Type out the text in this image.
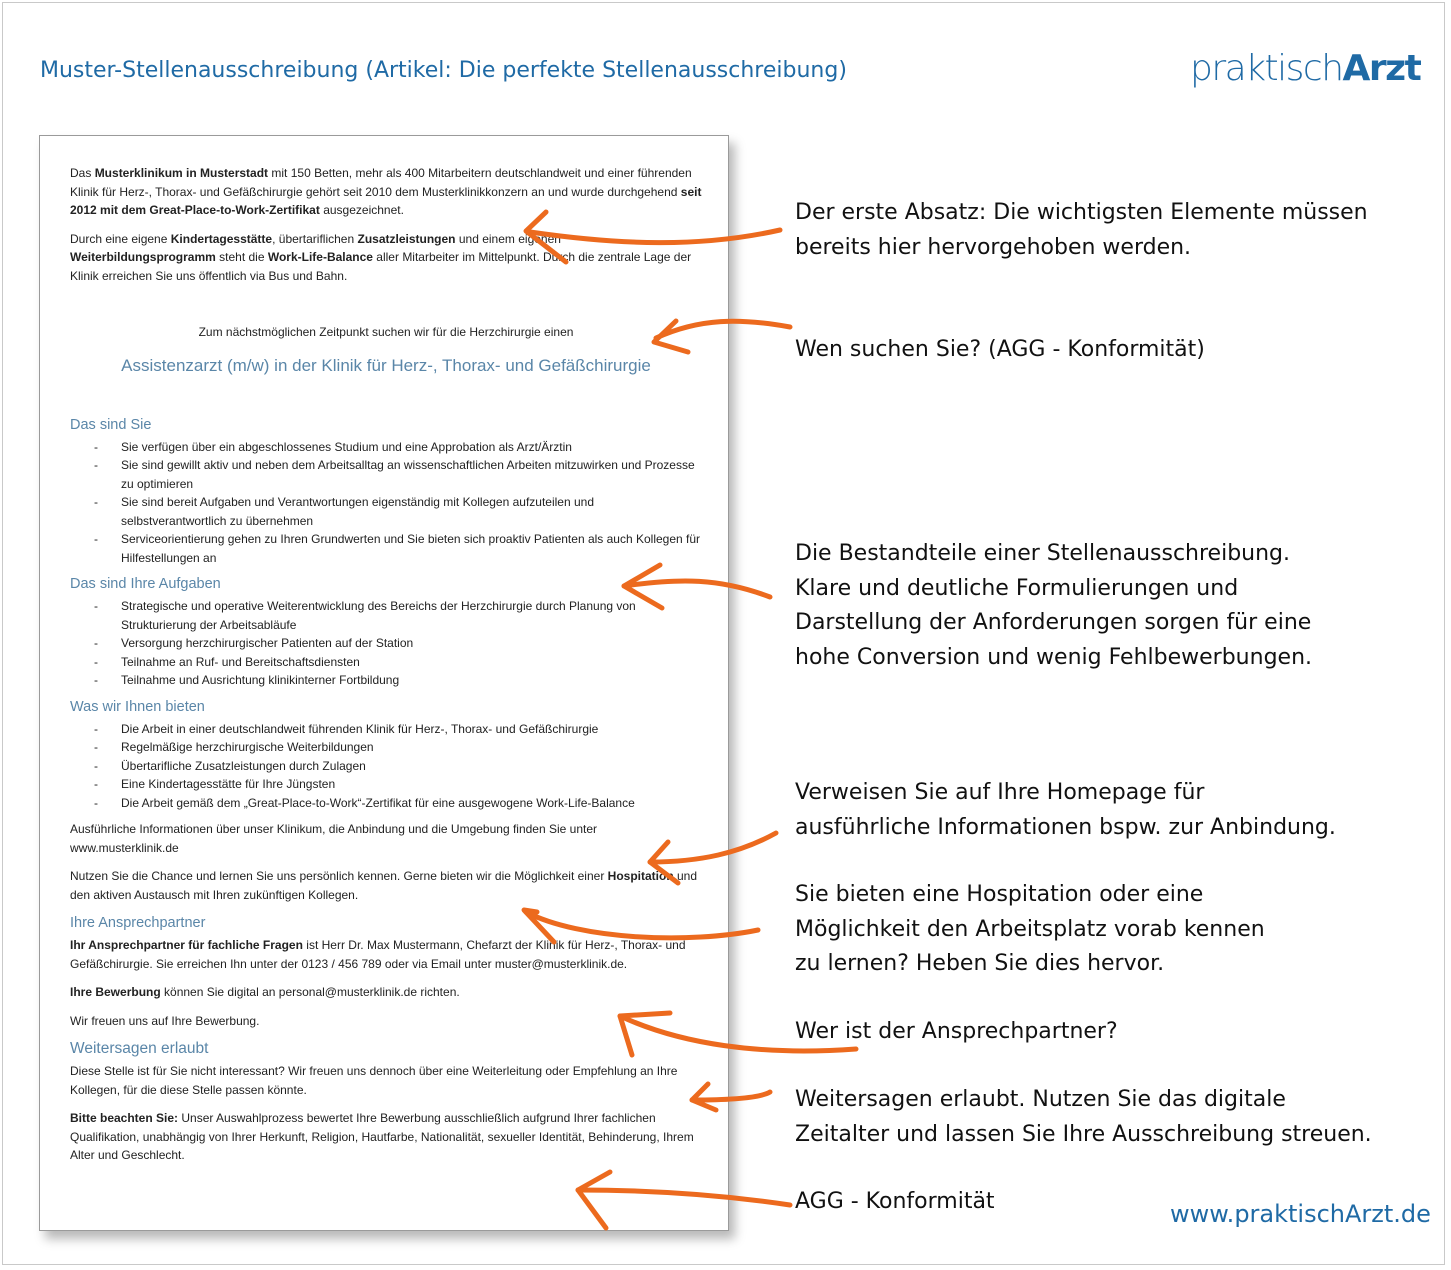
Muster-Stellenausschreibung (Artikel: Die perfekte Stellenausschreibung)	praktischArzt

Das Musterklinikum in Musterstadt mit 150 Betten, mehr als 400 Mitarbeitern deutschlandweit und einer führenden Klinik für Herz-, Thorax- und Gefäßchirurgie gehört seit 2010 dem Musterklinikkonzern an und wurde durchgehend seit 2012 mit dem Great-Place-to-Work-Zertifikat ausgezeichnet.

Durch eine eigene Kindertagesstätte, übertariflichen Zusatzleistungen und einem eigenen Weiterbildungsprogramm steht die Work-Life-Balance aller Mitarbeiter im Mittelpunkt. Durch die zentrale Lage der Klinik erreichen Sie uns öffentlich via Bus und Bahn.

Zum nächstmöglichen Zeitpunkt suchen wir für die Herzchirurgie einen

Assistenzarzt (m/w) in der Klinik für Herz-, Thorax- und Gefäßchirurgie

Das sind Sie
- Sie verfügen über ein abgeschlossenes Studium und eine Approbation als Arzt/Ärztin
- Sie sind gewillt aktiv und neben dem Arbeitsalltag an wissenschaftlichen Arbeiten mitzuwirken und Prozesse zu optimieren
- Sie sind bereit Aufgaben und Verantwortungen eigenständig mit Kollegen aufzuteilen und selbstverantwortlich zu übernehmen
- Serviceorientierung gehen zu Ihren Grundwerten und Sie bieten sich proaktiv Patienten als auch Kollegen für Hilfestellungen an
Das sind Ihre Aufgaben
- Strategische und operative Weiterentwicklung des Bereichs der Herzchirurgie durch Planung von Strukturierung der Arbeitsabläufe
- Versorgung herzchirurgischer Patienten auf der Station
- Teilnahme an Ruf- und Bereitschaftsdiensten
- Teilnahme und Ausrichtung klinikinterner Fortbildung
Was wir Ihnen bieten
- Die Arbeit in einer deutschlandweit führenden Klinik für Herz-, Thorax- und Gefäßchirurgie
- Regelmäßige herzchirurgische Weiterbildungen
- Übertarifliche Zusatzleistungen durch Zulagen
- Eine Kindertagesstätte für Ihre Jüngsten
- Die Arbeit gemäß dem „Great-Place-to-Work“-Zertifikat für eine ausgewogene Work-Life-Balance

Ausführliche Informationen über unser Klinikum, die Anbindung und die Umgebung finden Sie unter www.musterklinik.de

Nutzen Sie die Chance und lernen Sie uns persönlich kennen. Gerne bieten wir die Möglichkeit einer Hospitation und den aktiven Austausch mit Ihren zukünftigen Kollegen.

Ihre Ansprechpartner

Ihr Ansprechpartner für fachliche Fragen ist Herr Dr. Max Mustermann, Chefarzt der Klinik für Herz-, Thorax- und Gefäßchirurgie. Sie erreichen Ihn unter der 0123 / 456 789 oder via Email unter muster@musterklinik.de.

Ihre Bewerbung können Sie digital an personal@musterklinik.de richten.

Wir freuen uns auf Ihre Bewerbung.

Weitersagen erlaubt

Diese Stelle ist für Sie nicht interessant? Wir freuen uns dennoch über eine Weiterleitung oder Empfehlung an Ihre Kollegen, für die diese Stelle passen könnte.

Bitte beachten Sie: Unser Auswahlprozess bewertet Ihre Bewerbung ausschließlich aufgrund Ihrer fachlichen Qualifikation, unabhängig von Ihrer Herkunft, Religion, Hautfarbe, Nationalität, sexueller Identität, Behinderung, Ihrem Alter und Geschlecht.

Der erste Absatz: Die wichtigsten Elemente müssen
bereits hier hervorgehoben werden.
Wen suchen Sie? (AGG - Konformität)
Die Bestandteile einer Stellenausschreibung.
Klare und deutliche Formulierungen und
Darstellung der Anforderungen sorgen für eine
hohe Conversion und wenig Fehlbewerbungen.
Verweisen Sie auf Ihre Homepage für
ausführliche Informationen bspw. zur Anbindung.
Sie bieten eine Hospitation oder eine
Möglichkeit den Arbeitsplatz vorab kennen
zu lernen? Heben Sie dies hervor.
Wer ist der Ansprechpartner?
Weitersagen erlaubt. Nutzen Sie das digitale
Zeitalter und lassen Sie Ihre Ausschreibung streuen.
AGG - Konformität	www.praktischArzt.de
